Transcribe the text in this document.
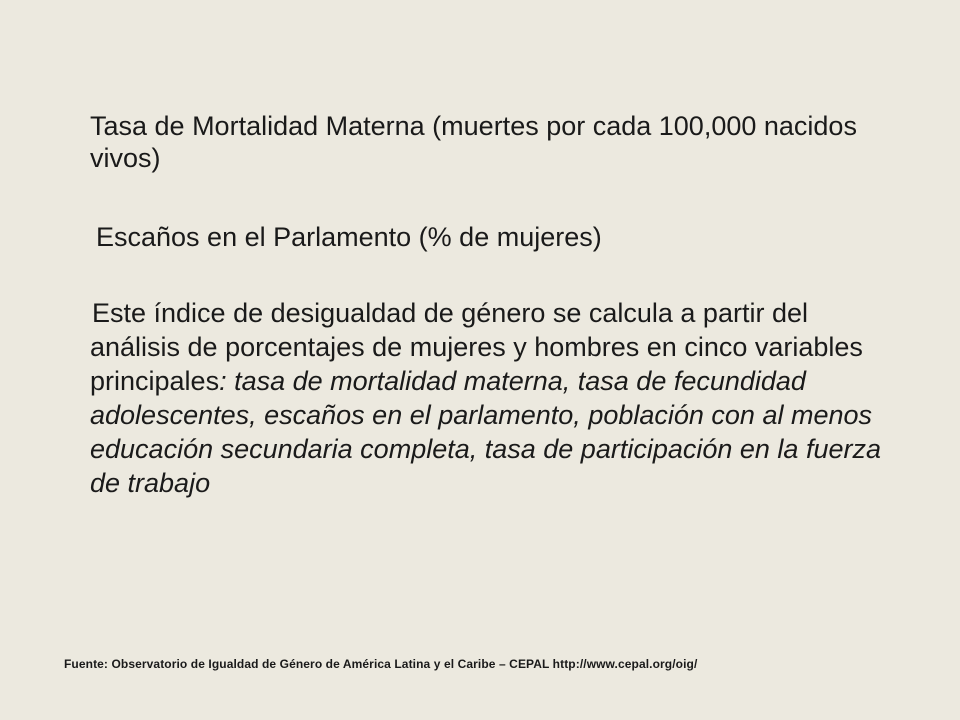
Tasa de Mortalidad Materna (muertes por cada 100,000 nacidos vivos)
Escaños en el Parlamento (% de mujeres)
Este índice de desigualdad de género se calcula a partir del análisis de porcentajes de mujeres y hombres en cinco variables principales: tasa de mortalidad materna, tasa de fecundidad adolescentes, escaños en el parlamento, población con al menos educación secundaria completa, tasa de participación en la fuerza de trabajo
Fuente: Observatorio de Igualdad de Género de América Latina y el Caribe – CEPAL http://www.cepal.org/oig/
